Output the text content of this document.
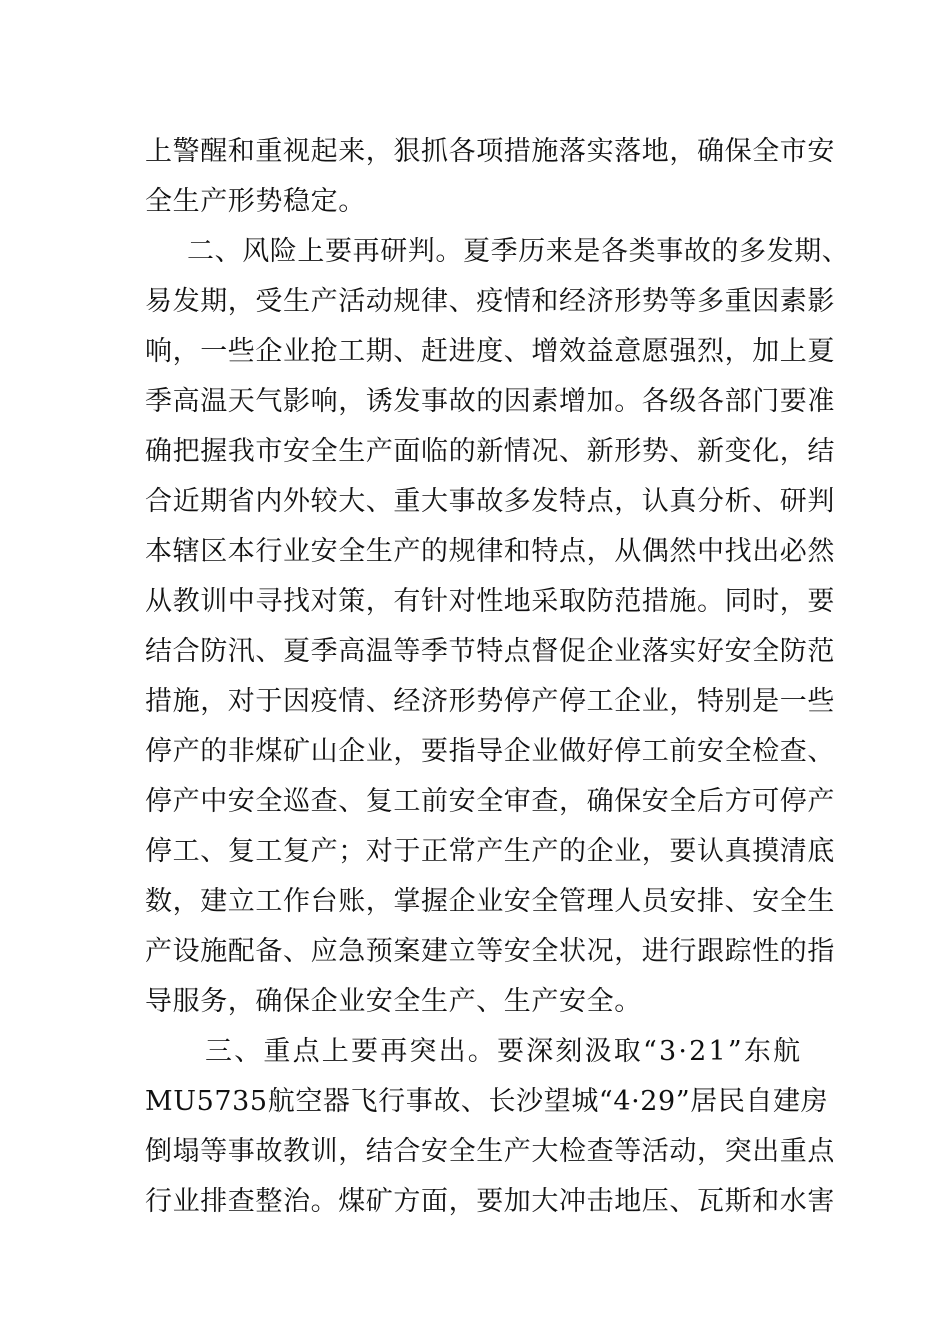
上警醒和重视起来，狠抓各项措施落实落地，确保全市安
全生产形势稳定。
二、风险上要再研判。夏季历来是各类事故的多发期、
易发期，受生产活动规律、疫情和经济形势等多重因素影
响，一些企业抢工期、赶进度、增效益意愿强烈，加上夏
季高温天气影响，诱发事故的因素增加。各级各部门要准
确把握我市安全生产面临的新情况、新形势、新变化，结
合近期省内外较大、重大事故多发特点，认真分析、研判
本辖区本行业安全生产的规律和特点，从偶然中找出必然
从教训中寻找对策，有针对性地采取防范措施。同时，要
结合防汛、夏季高温等季节特点督促企业落实好安全防范
措施，对于因疫情、经济形势停产停工企业，特别是一些
停产的非煤矿山企业，要指导企业做好停工前安全检查、
停产中安全巡查、复工前安全审查，确保安全后方可停产
停工、复工复产；对于正常产生产的企业，要认真摸清底
数，建立工作台账，掌握企业安全管理人员安排、安全生
产设施配备、应急预案建立等安全状况，进行跟踪性的指
导服务，确保企业安全生产、生产安全。
三、重点上要再突出。要深刻汲取“3·21”东航
MU5735航空器飞行事故、长沙望城“4·29”居民自建房
倒塌等事故教训，结合安全生产大检查等活动，突出重点
行业排查整治。煤矿方面，要加大冲击地压、瓦斯和水害
